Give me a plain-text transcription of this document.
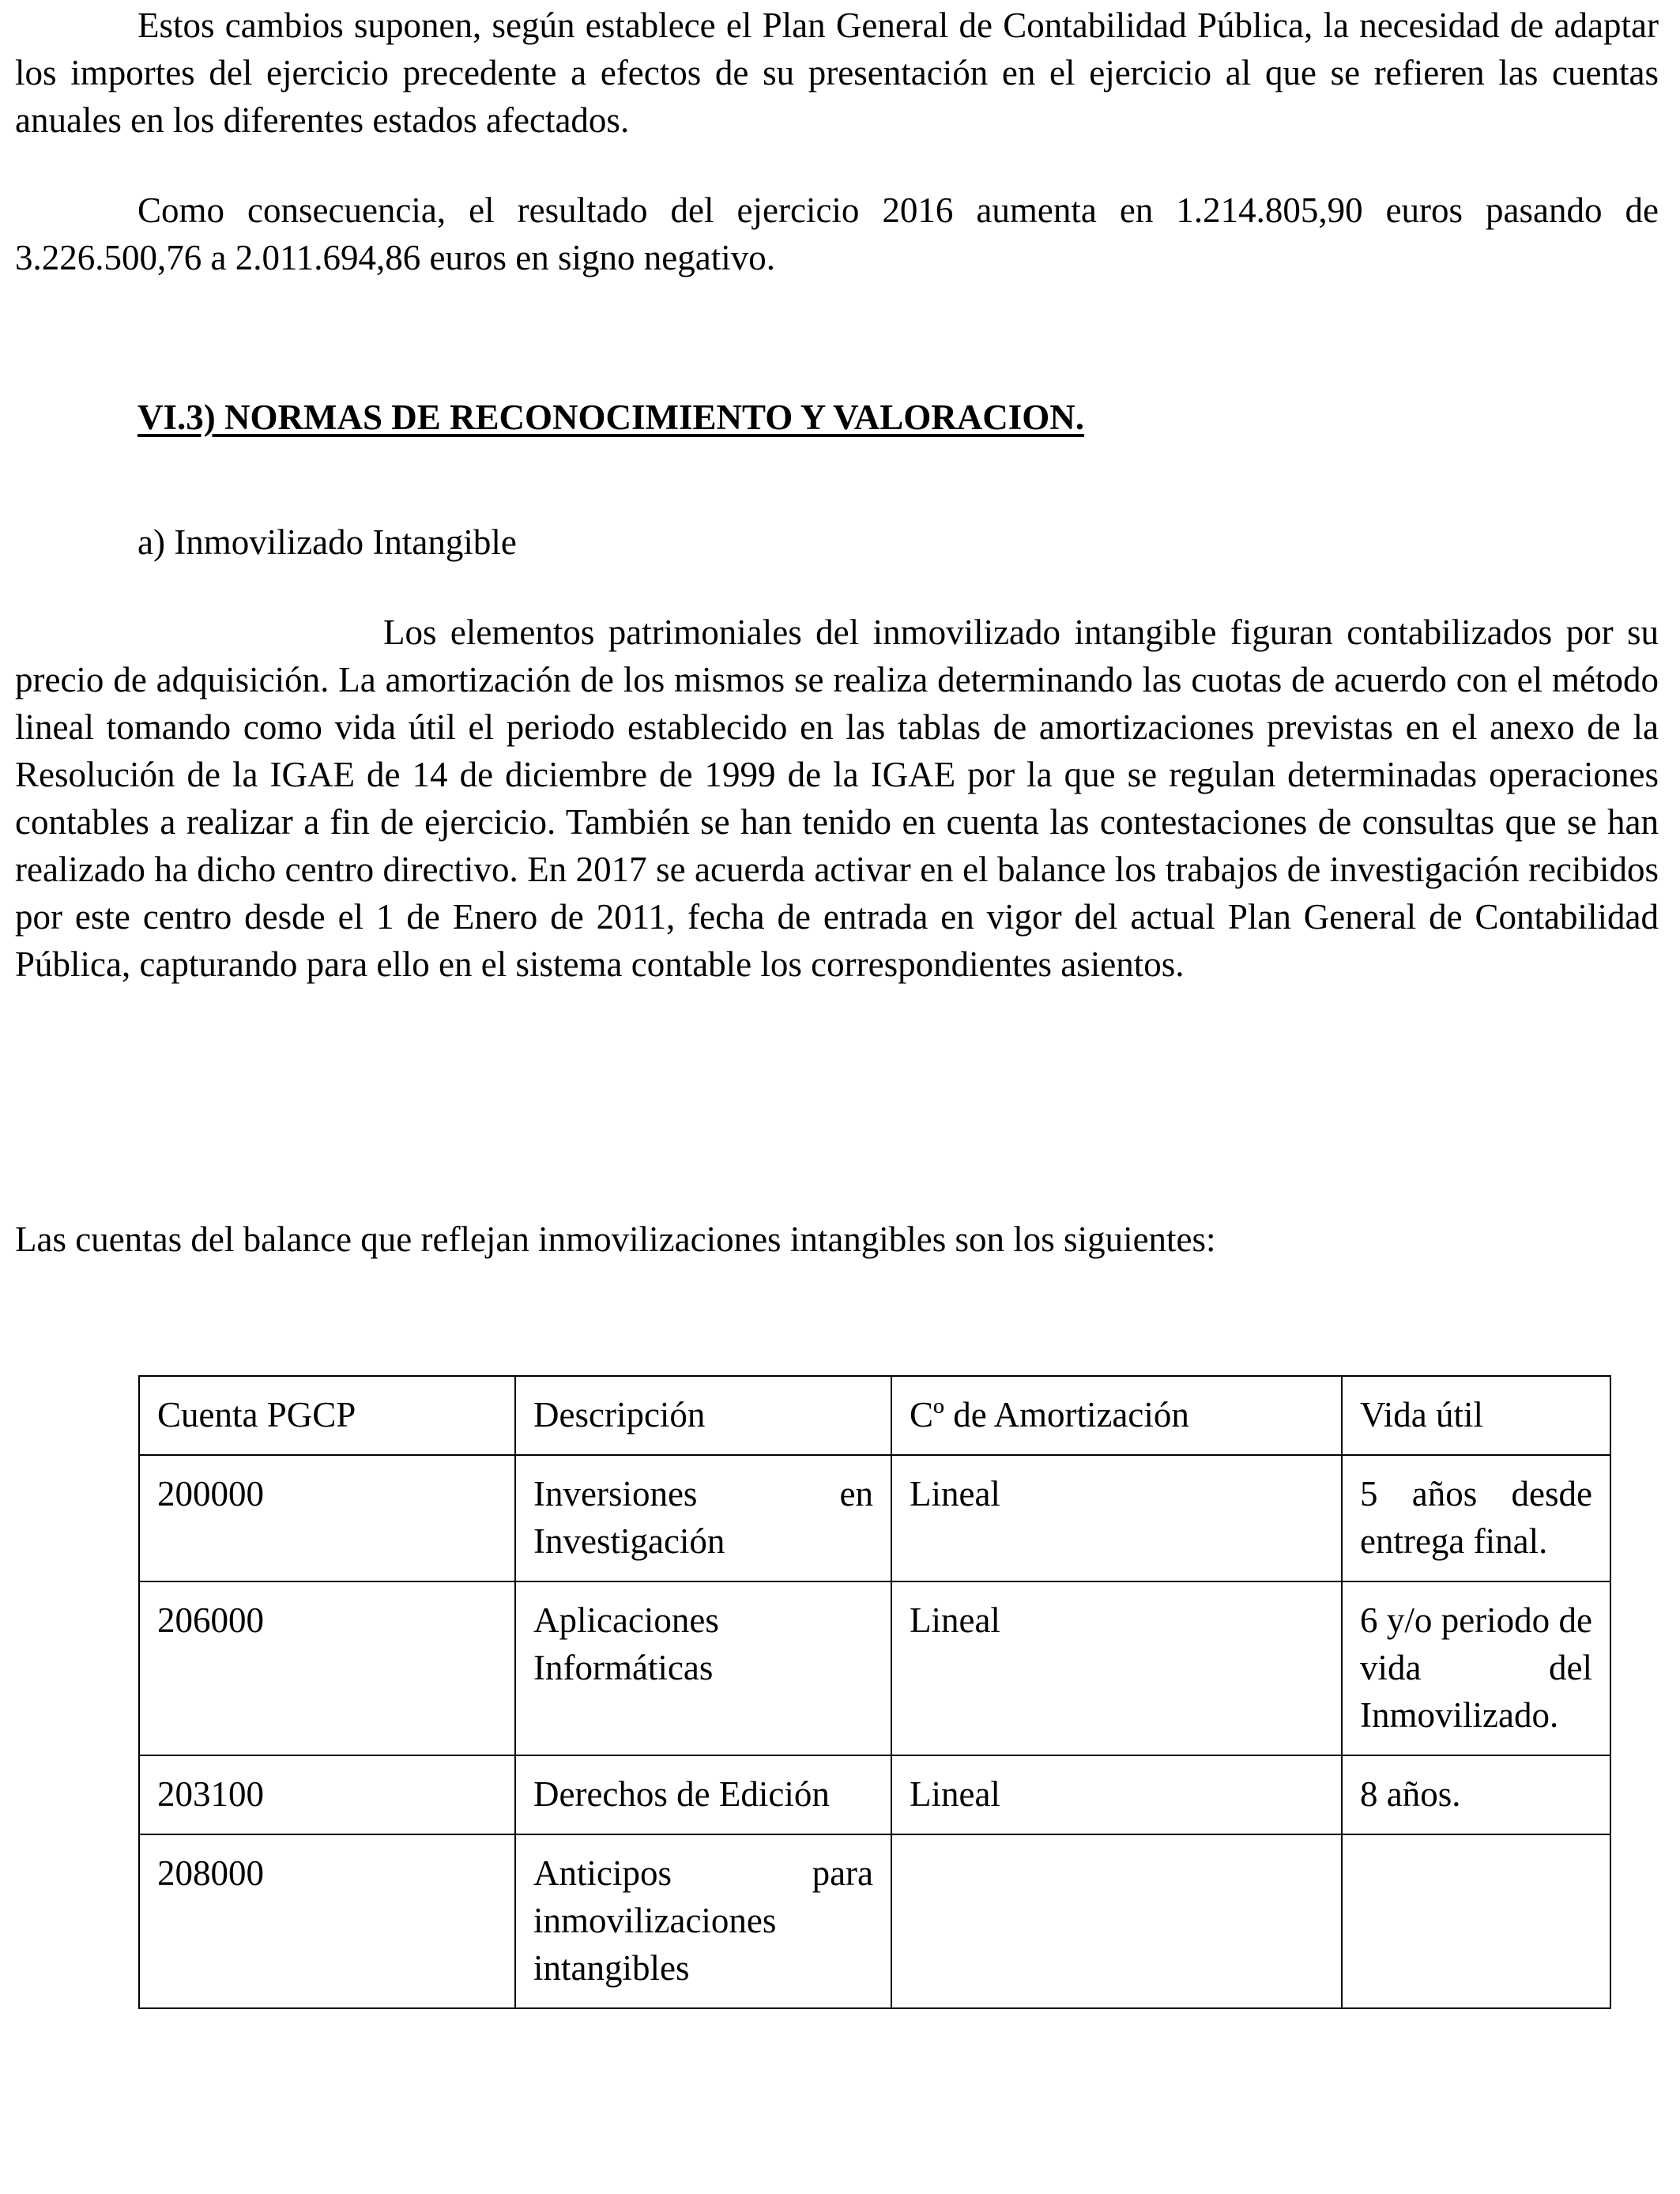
Estos cambios suponen, según establece el Plan General de Contabilidad Pública, la necesidad de adaptar los importes del ejercicio precedente a efectos de su presentación en el ejercicio al que se refieren las cuentas anuales en los diferentes estados afectados.

Como consecuencia, el resultado del ejercicio 2016 aumenta en 1.214.805,90 euros pasando de 3.226.500,76 a 2.011.694,86 euros en signo negativo.

VI.3) NORMAS DE RECONOCIMIENTO Y VALORACION.
a) Inmovilizado Intangible

Los elementos patrimoniales del inmovilizado intangible figuran contabilizados por su precio de adquisición. La amortización de los mismos se realiza determinando las cuotas de acuerdo con el método lineal tomando como vida útil el periodo establecido en las tablas de amortizaciones previstas en el anexo de la Resolución de la IGAE de 14 de diciembre de 1999 de la IGAE por la que se regulan determinadas operaciones contables a realizar a fin de ejercicio. También se han tenido en cuenta las contestaciones de consultas que se han realizado ha dicho centro directivo. En 2017 se acuerda activar en el balance los trabajos de investigación recibidos por este centro desde el 1 de Enero de 2011, fecha de entrada en vigor del actual Plan General de Contabilidad Pública, capturando para ello en el sistema contable los correspondientes asientos.

Las cuentas del balance que reflejan inmovilizaciones intangibles son los siguientes:

Cuenta PGCP	Descripción	Cº de Amortización	Vida útil
200000	Inversiones en Investigación	Lineal	5 años desde entrega final.
206000	Aplicaciones Informáticas	Lineal	6 y/o periodo de vida del Inmovilizado.
203100	Derechos de Edición	Lineal	8 años.
208000	Anticipos para inmovilizaciones intangibles		
